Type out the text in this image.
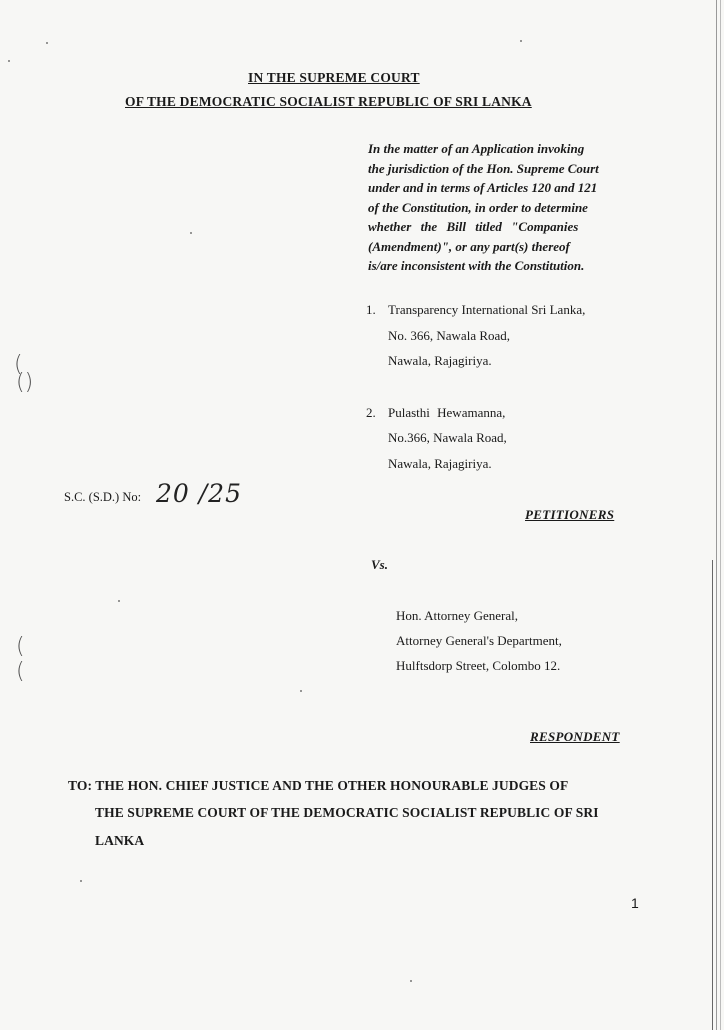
IN THE SUPREME COURT
OF THE DEMOCRATIC SOCIALIST REPUBLIC OF SRI LANKA

In the matter of an Application invoking

the jurisdiction of the Hon. Supreme Court

under and in terms of Articles 120 and 121

of the Constitution, in order to determine

whether the Bill titled "Companies

(Amendment)", or any part(s) thereof

is/are inconsistent with the Constitution.

1. Transparency International Sri Lanka,
No. 366, Nawala Road,
Nawala, Rajagiriya.
2. Pulasthi Hewamanna,
No.366, Nawala Road,
Nawala, Rajagiriya.
S.C. (S.D.) No: 20 /25
PETITIONERS
Vs.
Hon. Attorney General,
Attorney General's Department,
Hulftsdorp Street, Colombo 12.
RESPONDENT
TO: THE HON. CHIEF JUSTICE AND THE OTHER HONOURABLE JUDGES OF
THE SUPREME COURT OF THE DEMOCRATIC SOCIALIST REPUBLIC OF SRI
LANKA
1
(
()
(
(
